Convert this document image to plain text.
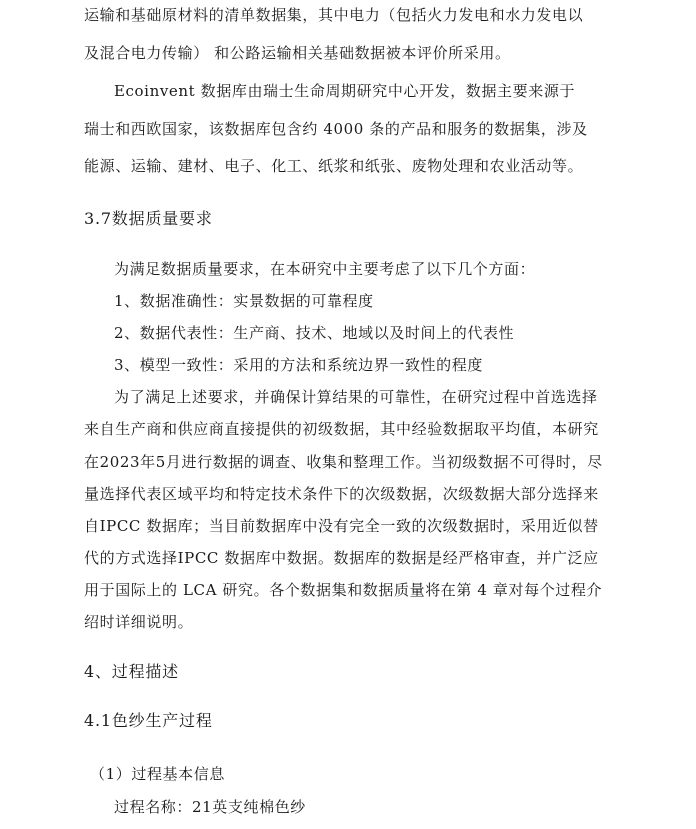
运输和基础原材料的清单数据集，其中电力（包括火力发电和水力发电以
及混合电力传输） 和公路运输相关基础数据被本评价所采用。
Ecoinvent 数据库由瑞士生命周期研究中心开发，数据主要来源于
瑞士和西欧国家，该数据库包含约 4000 条的产品和服务的数据集，涉及
能源、运输、建材、电子、化工、纸浆和纸张、废物处理和农业活动等。
3.7数据质量要求
为满足数据质量要求，在本研究中主要考虑了以下几个方面：
1、数据准确性：实景数据的可靠程度
2、数据代表性：生产商、技术、地域以及时间上的代表性
3、模型一致性：采用的方法和系统边界一致性的程度
为了满足上述要求，并确保计算结果的可靠性，在研究过程中首选选择
来自生产商和供应商直接提供的初级数据，其中经验数据取平均值，本研究
在2023年5月进行数据的调查、收集和整理工作。当初级数据不可得时，尽
量选择代表区域平均和特定技术条件下的次级数据，次级数据大部分选择来
自IPCC 数据库；当目前数据库中没有完全一致的次级数据时，采用近似替
代的方式选择IPCC 数据库中数据。数据库的数据是经严格审查，并广泛应
用于国际上的 LCA 研究。各个数据集和数据质量将在第 4 章对每个过程介
绍时详细说明。
4、过程描述
4.1色纱生产过程
（1）过程基本信息
过程名称：21英支纯棉色纱
